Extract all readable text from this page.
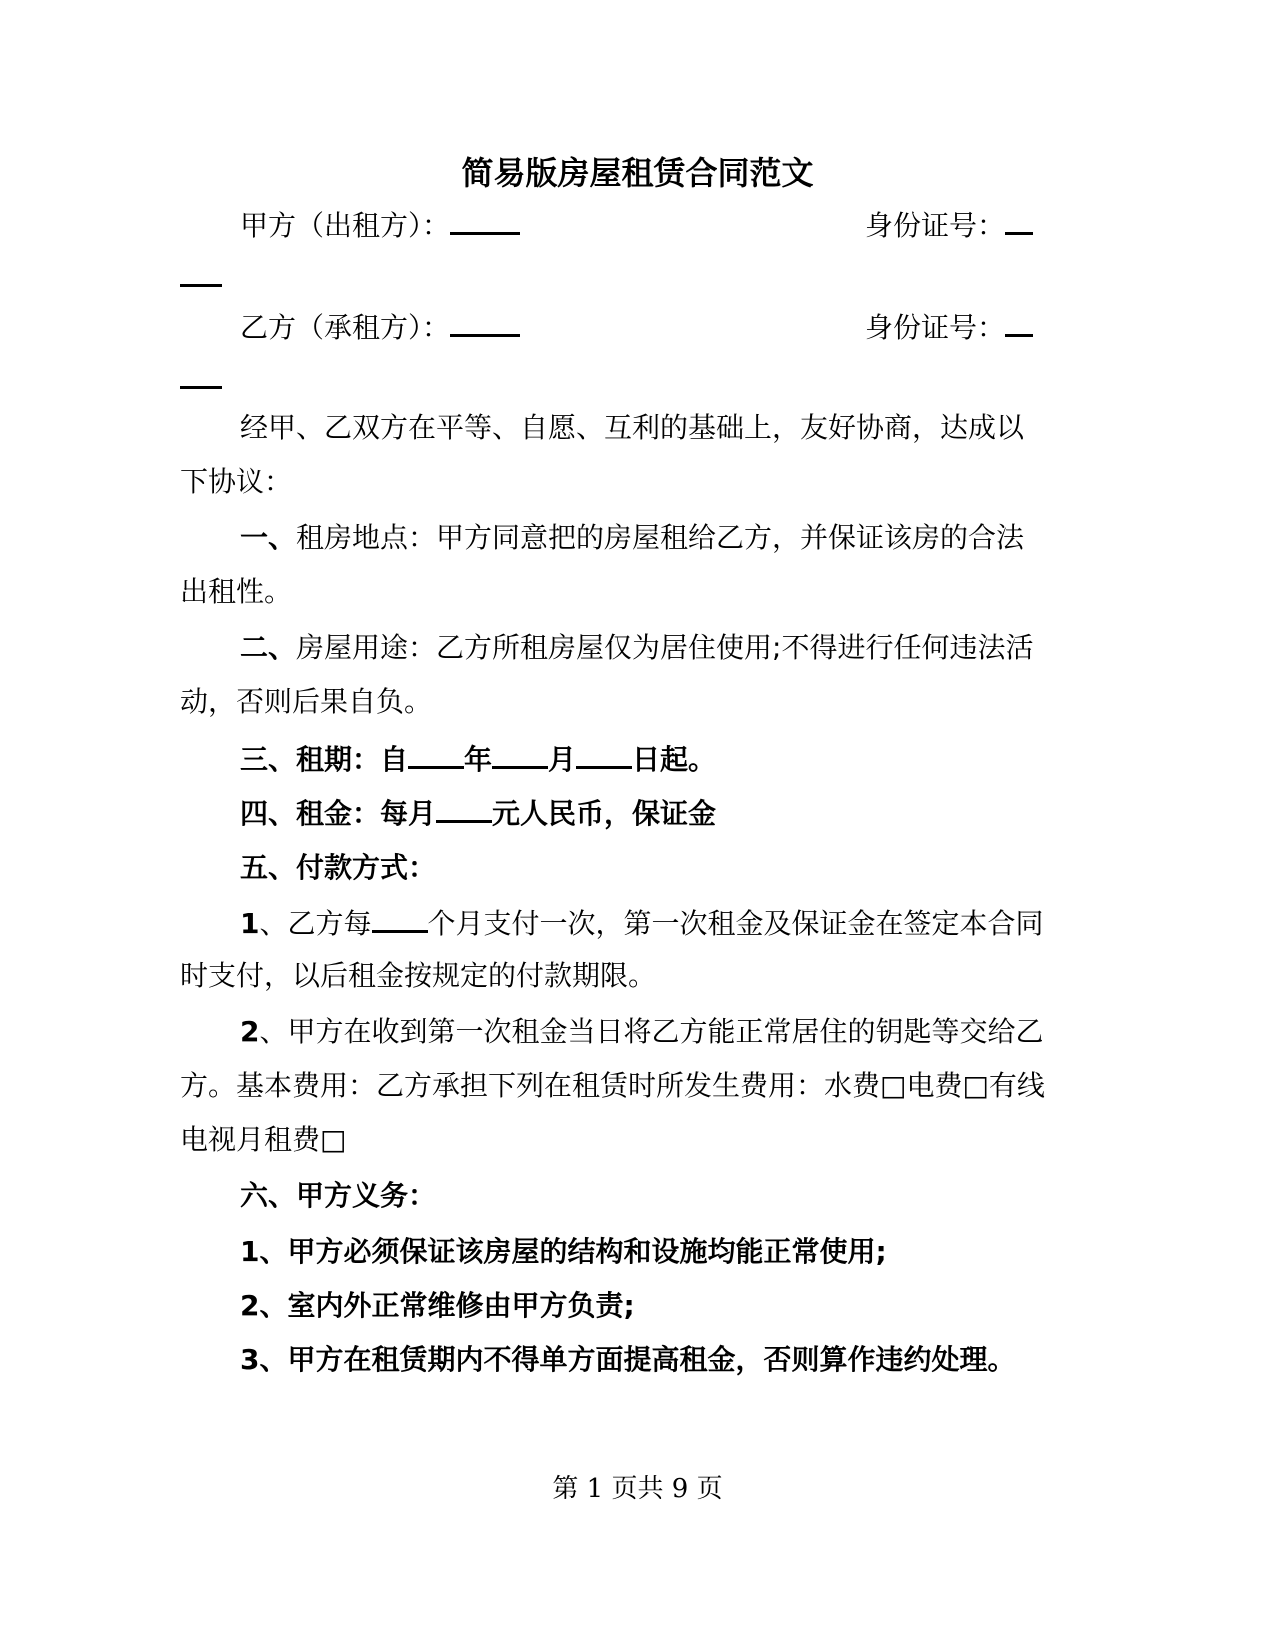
简易版房屋租赁合同范文
甲方（出租方）：	身份证号：
乙方（承租方）：	身份证号：
经甲、乙双方在平等、自愿、互利的基础上，友好协商，达成以
下协议：
一、租房地点：甲方同意把的房屋租给乙方，并保证该房的合法
出租性。
二、房屋用途：乙方所租房屋仅为居住使用;不得进行任何违法活
动，否则后果自负。
三、租期：自 年 月 日起。
四、租金：每月 元人民币，保证金
五、付款方式：
1、乙方每 个月支付一次，第一次租金及保证金在签定本合同
时支付，以后租金按规定的付款期限。
2、甲方在收到第一次租金当日将乙方能正常居住的钥匙等交给乙
方。基本费用：乙方承担下列在租赁时所发生费用：水费□电费□有线
电视月租费□
六、甲方义务：
1、甲方必须保证该房屋的结构和设施均能正常使用;
2、室内外正常维修由甲方负责;
3、甲方在租赁期内不得单方面提高租金，否则算作违约处理。
第 1 页共 9 页
